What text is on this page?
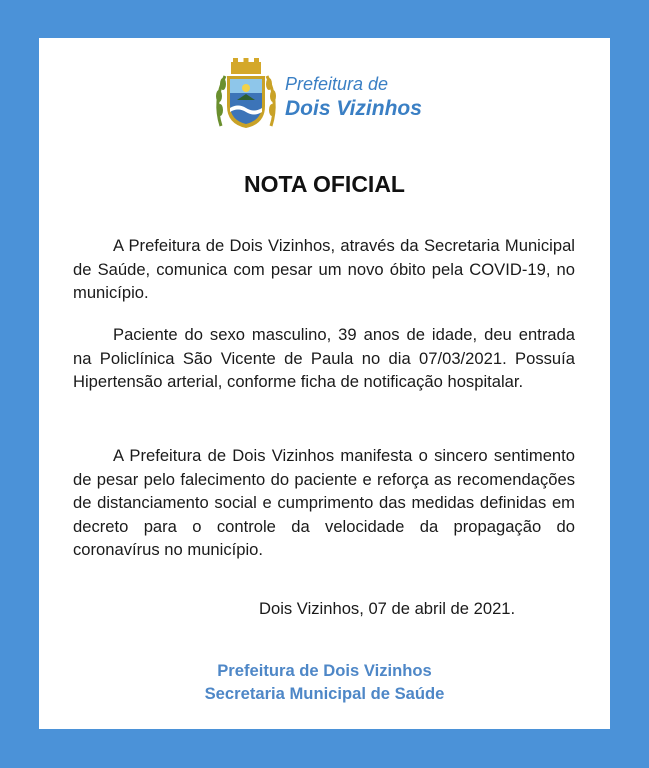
Prefeitura de
Dois Vizinhos
NOTA OFICIAL

A Prefeitura de Dois Vizinhos, através da Secretaria Municipal de Saúde, comunica com pesar um novo óbito pela COVID-19, no município.

Paciente do sexo masculino, 39 anos de idade, deu entrada na Policlínica São Vicente de Paula no dia 07/03/2021. Possuía Hipertensão arterial, conforme ficha de notificação hospitalar.

A Prefeitura de Dois Vizinhos manifesta o sincero sentimento de pesar pelo falecimento do paciente e reforça as recomendações de distanciamento social e cumprimento das medidas definidas em decreto para o controle da velocidade da propagação do coronavírus no município.

Dois Vizinhos, 07 de abril de 2021.
Prefeitura de Dois Vizinhos
Secretaria Municipal de Saúde
